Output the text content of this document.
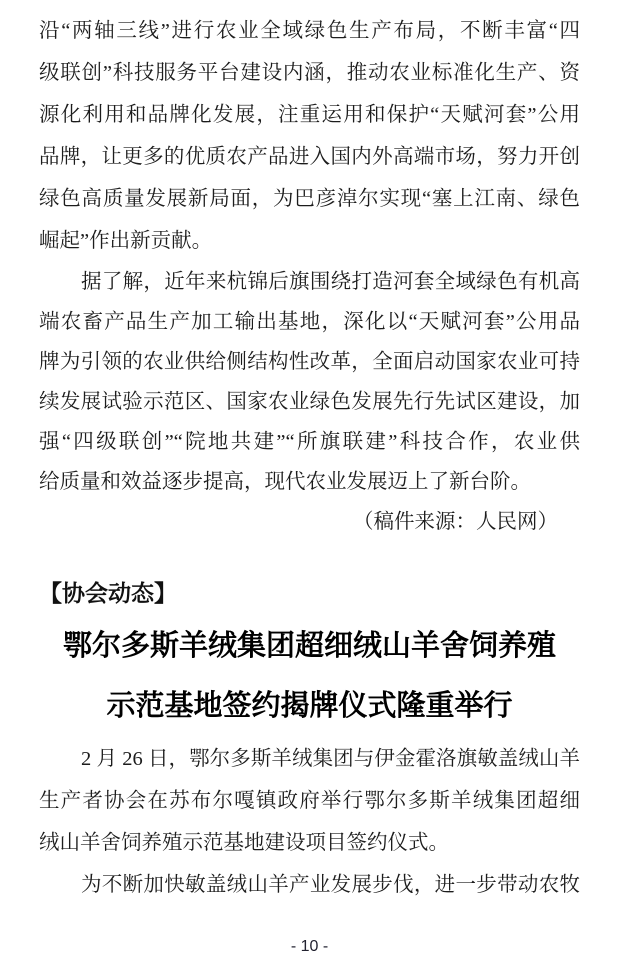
沿“两轴三线”进行农业全域绿色生产布局，不断丰富“四
级联创”科技服务平台建设内涵，推动农业标准化生产、资
源化利用和品牌化发展，注重运用和保护“天赋河套”公用
品牌，让更多的优质农产品进入国内外高端市场，努力开创
绿色高质量发展新局面，为巴彦淖尔实现“塞上江南、绿色
崛起”作出新贡献。
据了解，近年来杭锦后旗围绕打造河套全域绿色有机高
端农畜产品生产加工输出基地，深化以“天赋河套”公用品
牌为引领的农业供给侧结构性改革，全面启动国家农业可持
续发展试验示范区、国家农业绿色发展先行先试区建设，加
强“四级联创”“院地共建”“所旗联建”科技合作，农业供
给质量和效益逐步提高，现代农业发展迈上了新台阶。
（稿件来源：人民网）
【协会动态】
鄂尔多斯羊绒集团超细绒山羊舍饲养殖
示范基地签约揭牌仪式隆重举行
2 月 26 日，鄂尔多斯羊绒集团与伊金霍洛旗敏盖绒山羊
生产者协会在苏布尔嘎镇政府举行鄂尔多斯羊绒集团超细
绒山羊舍饲养殖示范基地建设项目签约仪式。
为不断加快敏盖绒山羊产业发展步伐，进一步带动农牧
- 10 -
